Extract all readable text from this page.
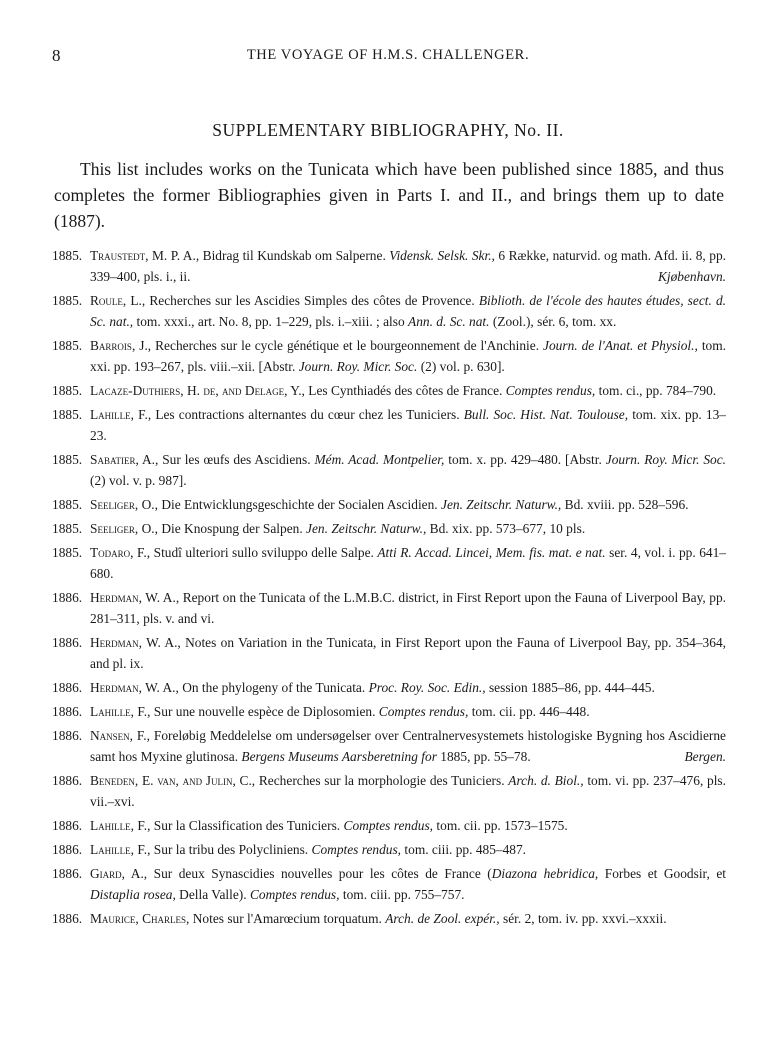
8	THE VOYAGE OF H.M.S. CHALLENGER.
SUPPLEMENTARY BIBLIOGRAPHY, No. II.

This list includes works on the Tunicata which have been published since 1885, and thus completes the former Bibliographies given in Parts I. and II., and brings them up to date (1887).

1885. Traustedt, M. P. A., Bidrag til Kundskab om Salperne. Vidensk. Selsk. Skr., 6 Række, naturvid. og math. Afd. ii. 8, pp. 339–400, pls. i., ii.	Kjøbenhavn.
1885. Roule, L., Recherches sur les Ascidies Simples des côtes de Provence. Biblioth. de l'école des hautes études, sect. d. Sc. nat., tom. xxxi., art. No. 8, pp. 1–229, pls. i.–xiii. ; also Ann. d. Sc. nat. (Zool.), sér. 6, tom. xx.
1885. Barrois, J., Recherches sur le cycle génétique et le bourgeonnement de l'Anchinie. Journ. de l'Anat. et Physiol., tom. xxi. pp. 193–267, pls. viii.–xii. [Abstr. Journ. Roy. Micr. Soc. (2) vol. p. 630].
1885. Lacaze-Duthiers, H. de, and Delage, Y., Les Cynthiadés des côtes de France. Comptes rendus, tom. ci., pp. 784–790.
1885. Lahille, F., Les contractions alternantes du cœur chez les Tuniciers. Bull. Soc. Hist. Nat. Toulouse, tom. xix. pp. 13–23.
1885. Sabatier, A., Sur les œufs des Ascidiens. Mém. Acad. Montpelier, tom. x. pp. 429–480. [Abstr. Journ. Roy. Micr. Soc. (2) vol. v. p. 987].
1885. Seeliger, O., Die Entwicklungsgeschichte der Socialen Ascidien. Jen. Zeitschr. Naturw., Bd. xviii. pp. 528–596.
1885. Seeliger, O., Die Knospung der Salpen. Jen. Zeitschr. Naturw., Bd. xix. pp. 573–677, 10 pls.
1885. Todaro, F., Studî ulteriori sullo sviluppo delle Salpe. Atti R. Accad. Lincei, Mem. fis. mat. e nat. ser. 4, vol. i. pp. 641–680.
1886. Herdman, W. A., Report on the Tunicata of the L.M.B.C. district, in First Report upon the Fauna of Liverpool Bay, pp. 281–311, pls. v. and vi.
1886. Herdman, W. A., Notes on Variation in the Tunicata, in First Report upon the Fauna of Liverpool Bay, pp. 354–364, and pl. ix.
1886. Herdman, W. A., On the phylogeny of the Tunicata. Proc. Roy. Soc. Edin., session 1885–86, pp. 444–445.
1886. Lahille, F., Sur une nouvelle espèce de Diplosomien. Comptes rendus, tom. cii. pp. 446–448.
1886. Nansen, F., Foreløbig Meddelelse om undersøgelser over Centralnervesystemets histologiske Bygning hos Ascidierne samt hos Myxine glutinosa. Bergens Museums Aarsberetning for 1885, pp. 55–78.	Bergen.
1886. Beneden, E. van, and Julin, C., Recherches sur la morphologie des Tuniciers. Arch. d. Biol., tom. vi. pp. 237–476, pls. vii.–xvi.
1886. Lahille, F., Sur la Classification des Tuniciers. Comptes rendus, tom. cii. pp. 1573–1575.
1886. Lahille, F., Sur la tribu des Polycliniens. Comptes rendus, tom. ciii. pp. 485–487.
1886. Giard, A., Sur deux Synascidies nouvelles pour les côtes de France (Diazona hebridica, Forbes et Goodsir, et Distaplia rosea, Della Valle). Comptes rendus, tom. ciii. pp. 755–757.
1886. Maurice, Charles, Notes sur l'Amarœcium torquatum. Arch. de Zool. expér., sér. 2, tom. iv. pp. xxvi.–xxxii.
